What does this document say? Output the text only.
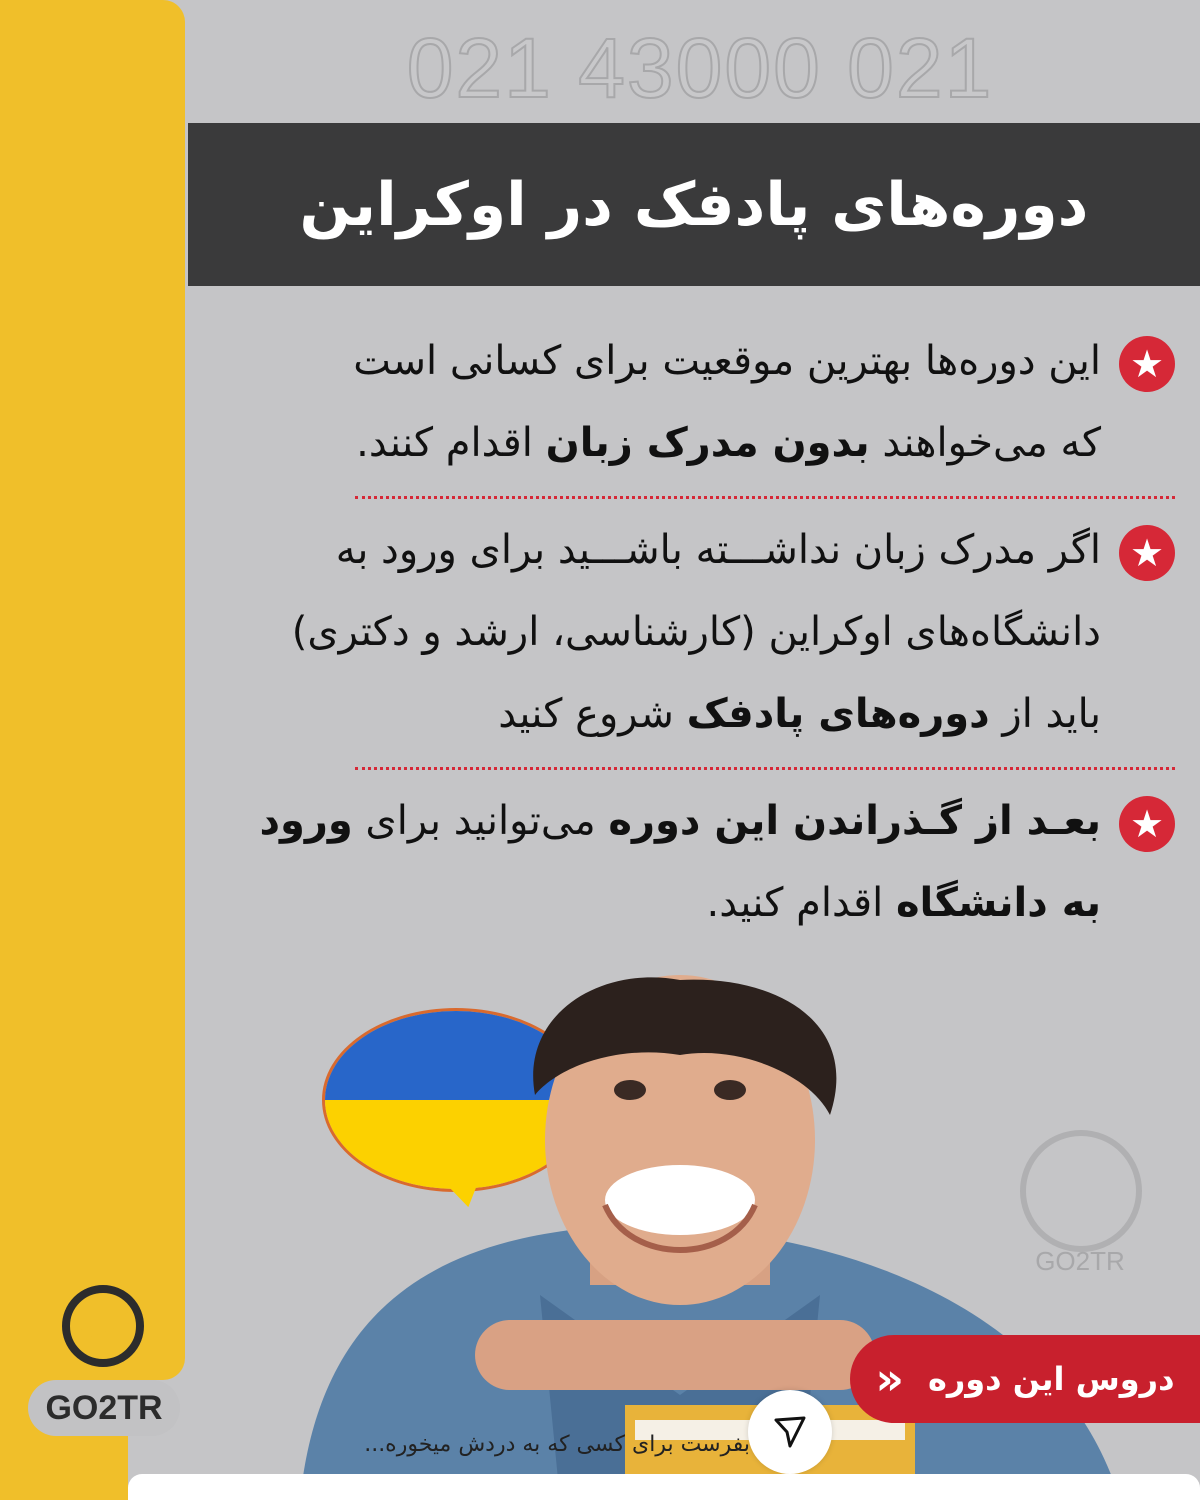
021 43000 021
دوره‌های پادفک در اوکراین
★
این دوره‌ها بهترین موقعیت برای کسانی است
که می‌خواهند بدون مدرک زبان اقدام کنند.
★
اگر مدرک زبان نداشـــته باشـــید برای ورود به
دانشگاه‌های اوکراین (کارشناسی، ارشد و دکتری)
باید از دوره‌های پادفک شروع کنید
★
بعـد از گـذراندن این دوره می‌توانید برای ورود
به دانشگاه اقدام کنید.
GO2TR
GO2TR
دروس این دوره
«
بفرست برای کسی که به دردش میخوره...
